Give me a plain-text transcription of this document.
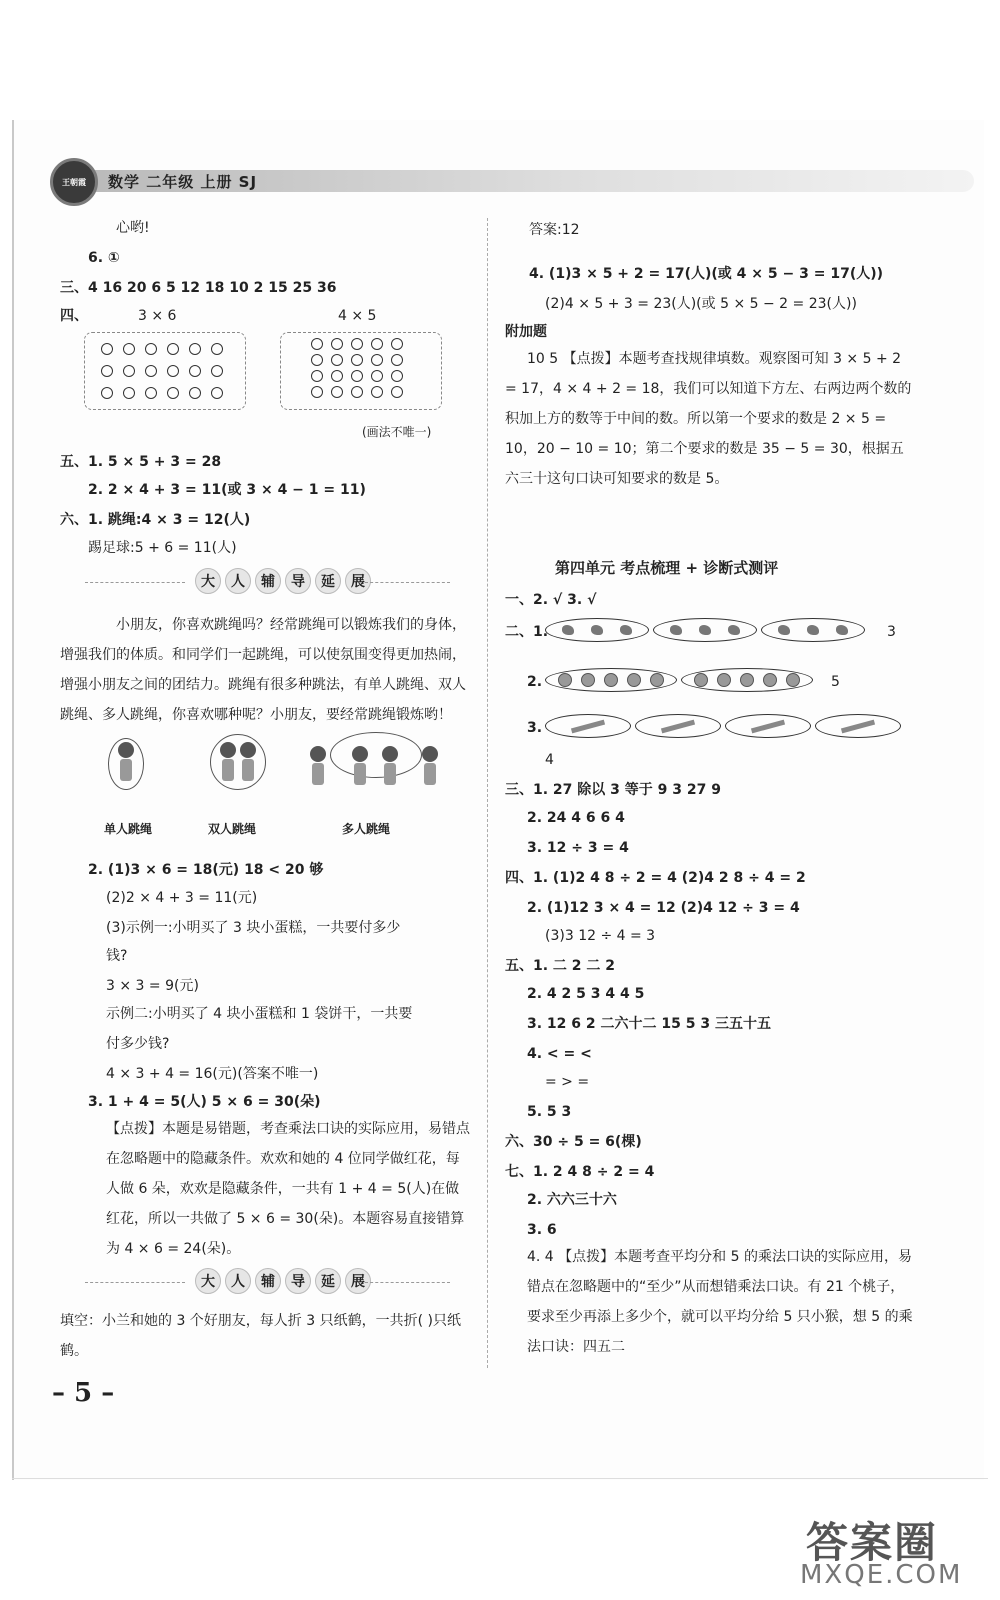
王朝霞	数学 二年级 上册 SJ
心哟!
6. ①
三、4 16 20 6 5 12 18 10 2 15 25 36
四、	3 × 6	4 × 5
(画法不唯一)
五、1. 5 × 5 + 3 = 28
2. 2 × 4 + 3 = 11(或 3 × 4 − 1 = 11)
六、1. 跳绳:4 × 3 = 12(人)
踢足球:5 + 6 = 11(人)
大	人	辅	导	延	展
小朋友，你喜欢跳绳吗？经常跳绳可以锻炼我们的身体，增强我们的体质。和同学们一起跳绳，可以使氛围变得更加热闹，增强小朋友之间的团结力。跳绳有很多种跳法，有单人跳绳、双人跳绳、多人跳绳，你喜欢哪种呢？小朋友，要经常跳绳锻炼哟！
单人跳绳	双人跳绳	多人跳绳
2. (1)3 × 6 = 18(元) 18 < 20 够
(2)2 × 4 + 3 = 11(元)
(3)示例一:小明买了 3 块小蛋糕，一共要付多少
钱?
3 × 3 = 9(元)
示例二:小明买了 4 块小蛋糕和 1 袋饼干，一共要
付多少钱?
4 × 3 + 4 = 16(元)(答案不唯一)
3. 1 + 4 = 5(人) 5 × 6 = 30(朵)
【点拨】本题是易错题，考查乘法口诀的实际应用，易错点在忽略题中的隐藏条件。欢欢和她的 4 位同学做红花，每人做 6 朵，欢欢是隐藏条件，一共有 1 + 4 = 5(人)在做红花，所以一共做了 5 × 6 = 30(朵)。本题容易直接错算为 4 × 6 = 24(朵)。
大	人	辅	导	延	展
填空：小兰和她的 3 个好朋友，每人折 3 只纸鹤，一共折( )只纸鹤。
答案:12
4. (1)3 × 5 + 2 = 17(人)(或 4 × 5 − 3 = 17(人))
(2)4 × 5 + 3 = 23(人)(或 5 × 5 − 2 = 23(人))
附加题
10 5 【点拨】本题考查找规律填数。观察图可知 3 × 5 + 2 = 17，4 × 4 + 2 = 18，我们可以知道下方左、右两边两个数的积加上方的数等于中间的数。所以第一个要求的数是 2 × 5 = 10，20 − 10 = 10；第二个要求的数是 35 − 5 = 30，根据五六三十这句口诀可知要求的数是 5。
第四单元 考点梳理 + 诊断式测评
一、2. √ 3. √
二、1.	3
2.	5
3.
4
三、1. 27 除以 3 等于 9 3 27 9
2. 24 4 6 6 4
3. 12 ÷ 3 = 4
四、1. (1)2 4 8 ÷ 2 = 4 (2)4 2 8 ÷ 4 = 2
2. (1)12 3 × 4 = 12 (2)4 12 ÷ 3 = 4
(3)3 12 ÷ 4 = 3
五、1. 二 2 二 2
2. 4 2 5 3 4 4 5
3. 12 6 2 二六十二 15 5 3 三五十五
4. < = <
= > =
5. 5 3
六、30 ÷ 5 = 6(棵)
七、1. 2 4 8 ÷ 2 = 4
2. 六六三十六
3. 6
4. 4 【点拨】本题考查平均分和 5 的乘法口诀的实际应用，易错点在忽略题中的“至少”从而想错乘法口诀。有 21 个桃子，要求至少再添上多少个，就可以平均分给 5 只小猴，想 5 的乘法口诀：四五二
– 5 –
答案圈
MXQE.COM
